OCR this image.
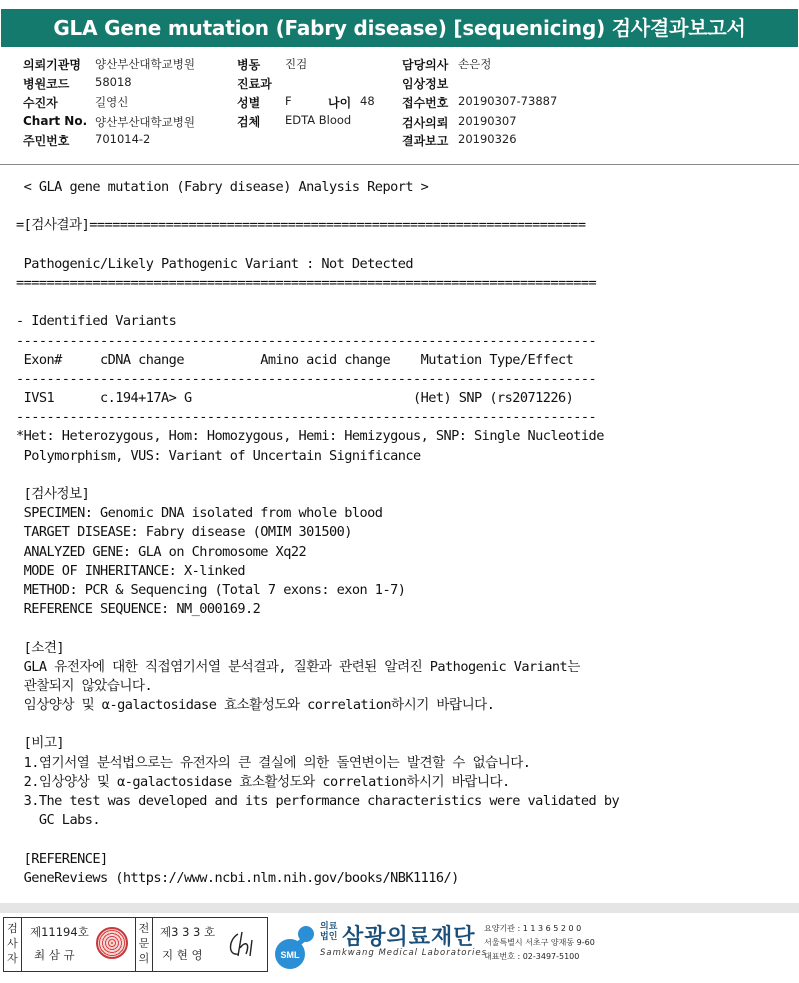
GLA Gene mutation (Fabry disease) [sequenicing) 검사결과보고서
의뢰기관명 양산부산대학교병원
병원코드 58018
수진자	길영신
Chart No. 양산부산대학교병원
주민번호 701014-2
병동 진검
진료과
성별 F	나이 48
검체 EDTA Blood
담당의사 손은정
임상정보
접수번호 20190307-73887
검사의뢰 20190307
결과보고 20190326
< GLA gene mutation (Fabry disease) Analysis Report >
=[검사결과]=================================================================
Pathogenic/Likely Pathogenic Variant : Not Detected
============================================================================
- Identified Variants
----------------------------------------------------------------------------
Exon#     cDNA change          Amino acid change    Mutation Type/Effect
----------------------------------------------------------------------------
IVS1      c.194+17A> G                             (Het) SNP (rs2071226)
----------------------------------------------------------------------------
*Het: Heterozygous, Hom: Homozygous, Hemi: Hemizygous, SNP: Single Nucleotide
Polymorphism, VUS: Variant of Uncertain Significance
[검사정보]
SPECIMEN: Genomic DNA isolated from whole blood
TARGET DISEASE: Fabry disease (OMIM 301500)
ANALYZED GENE: GLA on Chromosome Xq22
MODE OF INHERITANCE: X-linked
METHOD: PCR & Sequencing (Total 7 exons: exon 1-7)
REFERENCE SEQUENCE: NM_000169.2
[소견]
GLA 유전자에 대한 직접염기서열 분석결과, 질환과 관련된 알려진 Pathogenic Variant는
관찰되지 않았습니다.
임상양상 및 α-galactosidase 효소활성도와 correlation하시기 바랍니다.
[비고]
1.염기서열 분석법으로는 유전자의 큰 결실에 의한 돌연변이는 발견할 수 없습니다.
2.임상양상 및 α-galactosidase 효소활성도와 correlation하시기 바랍니다.
3.The test was developed and its performance characteristics were validated by
GC Labs.
[REFERENCE]
GeneReviews (https://www.ncbi.nlm.nih.gov/books/NBK1116/)
검
사
자
제11194호
최 삼 규
전
문
의
제3 3 3 호
지 현 영	SML
의료 법인 삼광의료재단
Samkwang Medical Laboratories
요양기관 : 1 1 3 6 5 2 0 0
서울특별시 서초구 양재동 9-60
대표번호 : 02-3497-5100
